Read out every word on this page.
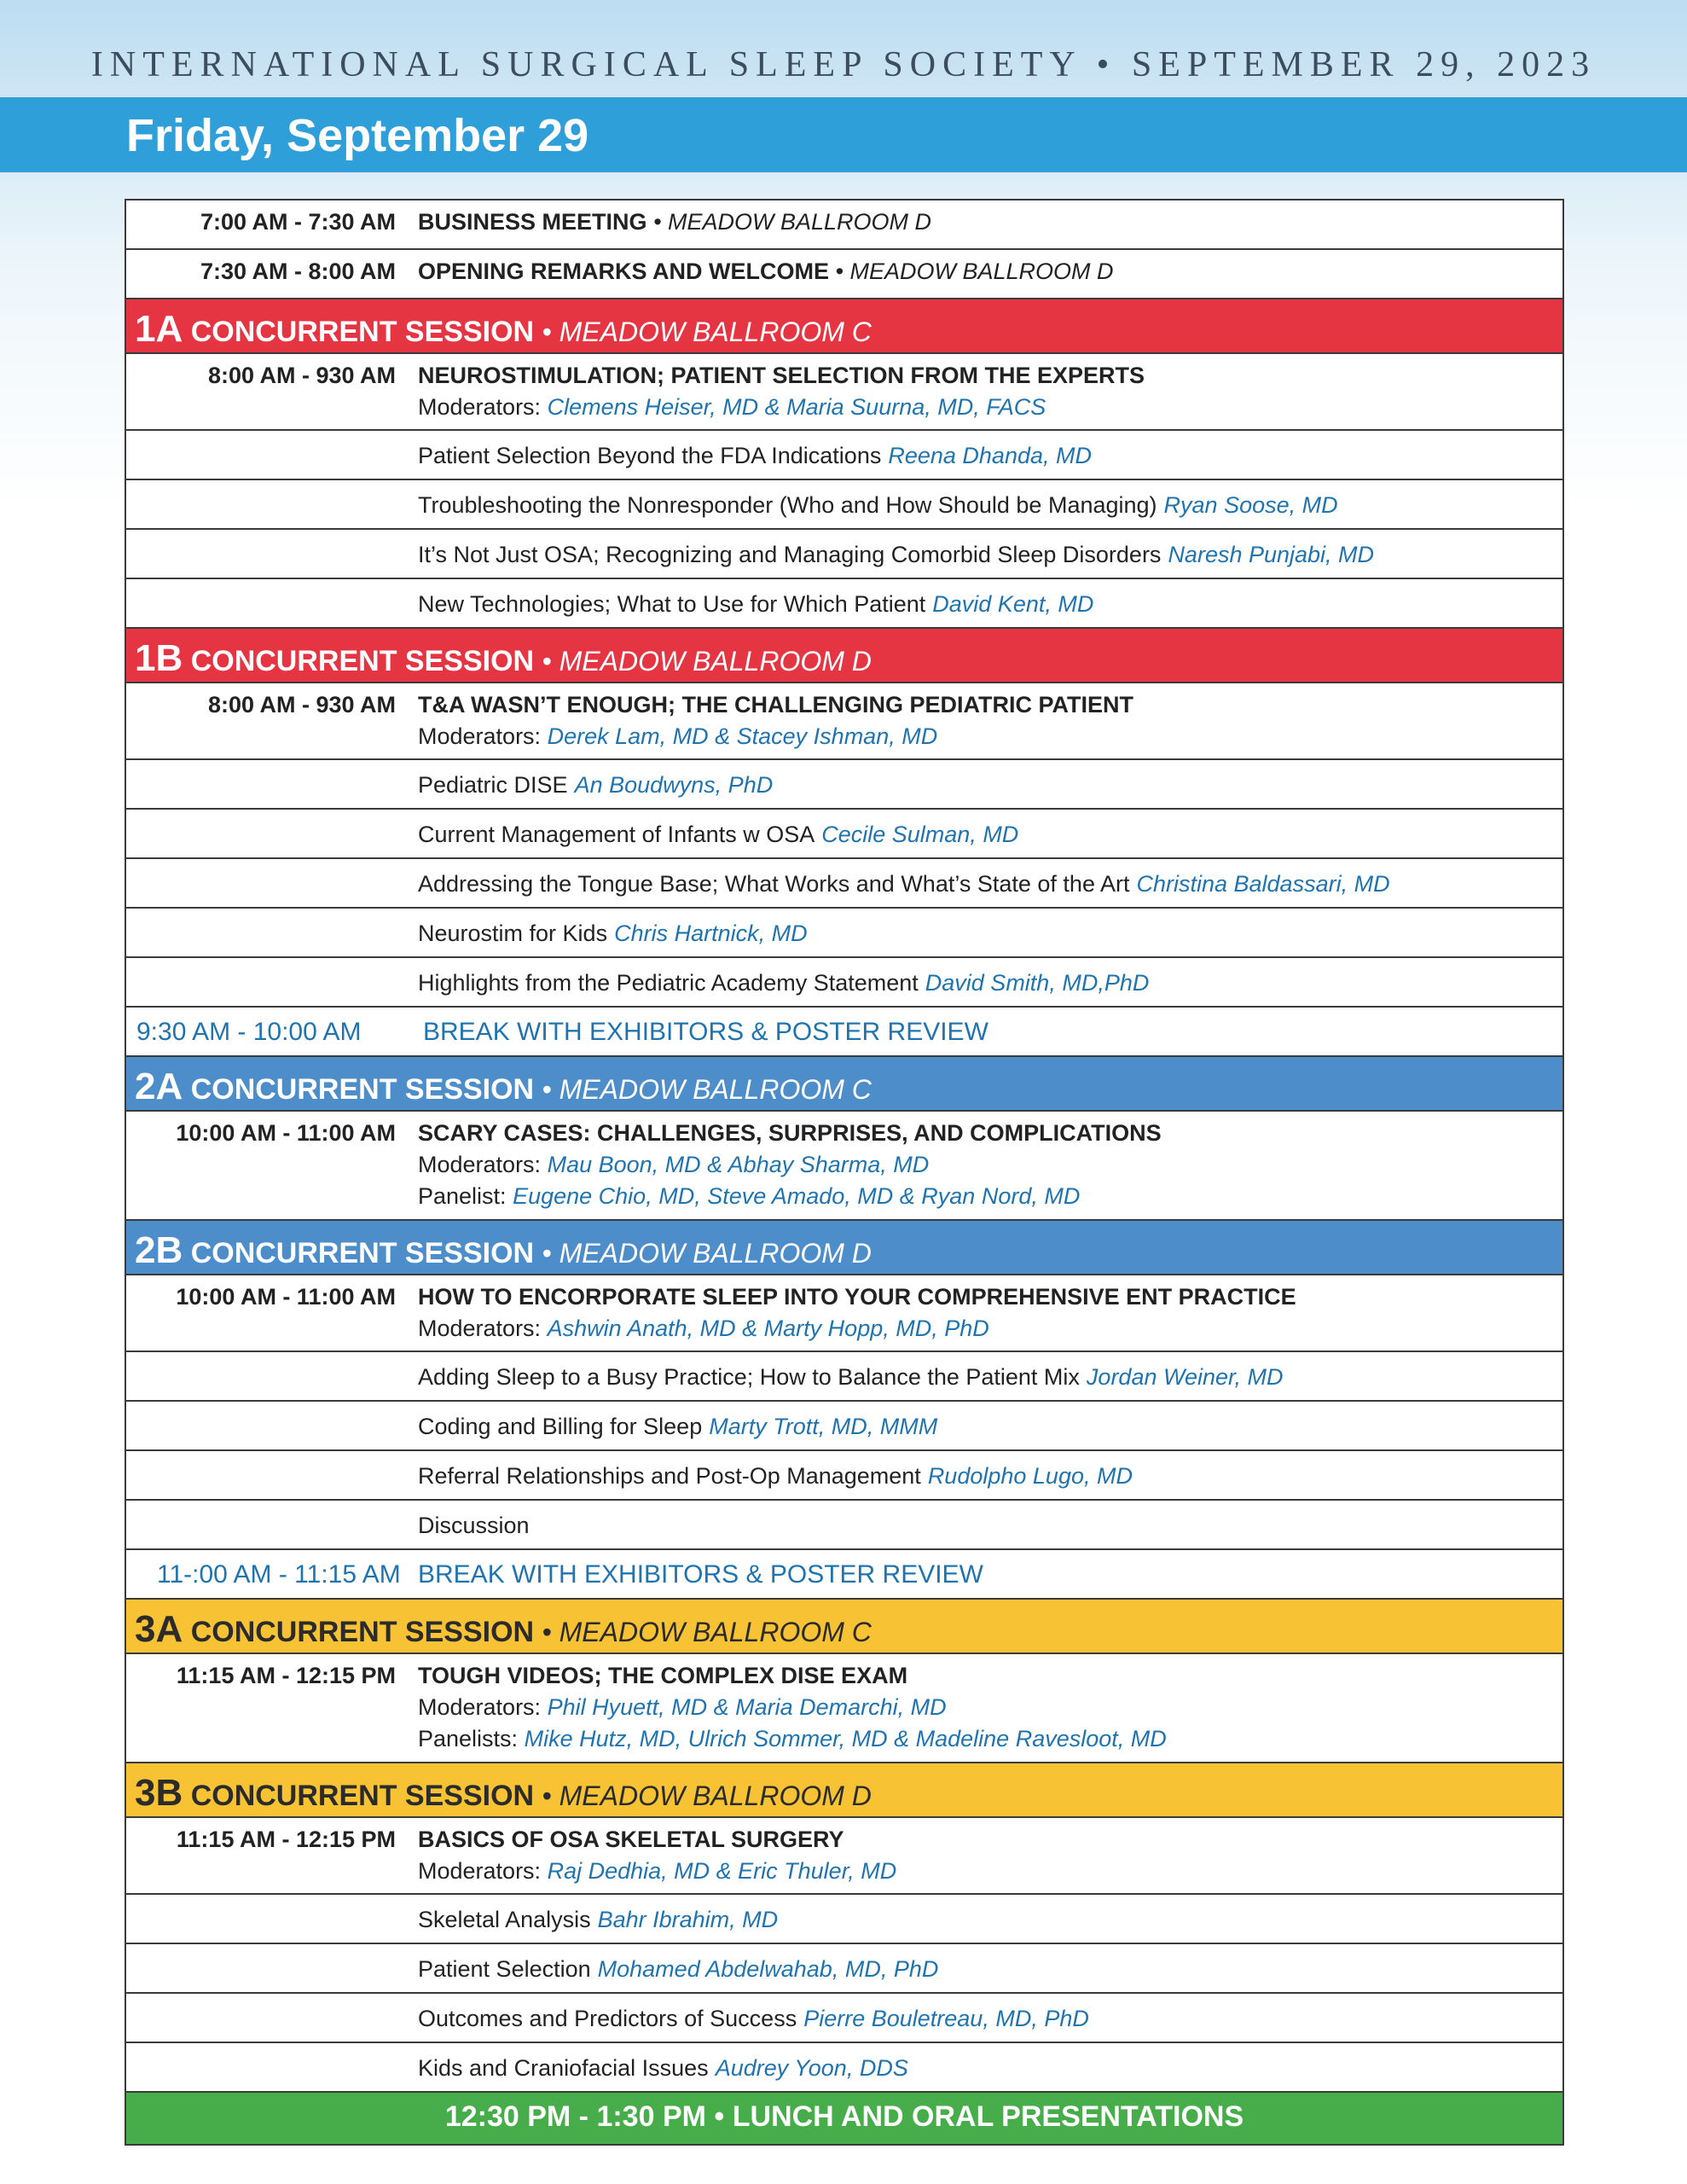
INTERNATIONAL SURGICAL SLEEP SOCIETY • SEPTEMBER 29, 2023
Friday, September 29
7:00 AM - 7:30 AM BUSINESS MEETING • MEADOW BALLROOM D
7:30 AM - 8:00 AM OPENING REMARKS AND WELCOME • MEADOW BALLROOM D
1A CONCURRENT SESSION • MEADOW BALLROOM C
8:00 AM - 930 AM NEUROSTIMULATION; PATIENT SELECTION FROM THE EXPERTS
Moderators: Clemens Heiser, MD & Maria Suurna, MD, FACS
Patient Selection Beyond the FDA Indications Reena Dhanda, MD
Troubleshooting the Nonresponder (Who and How Should be Managing) Ryan Soose, MD
It’s Not Just OSA; Recognizing and Managing Comorbid Sleep Disorders Naresh Punjabi, MD
New Technologies; What to Use for Which Patient David Kent, MD
1B CONCURRENT SESSION • MEADOW BALLROOM D
8:00 AM - 930 AM T&A WASN’T ENOUGH; THE CHALLENGING PEDIATRIC PATIENT
Moderators: Derek Lam, MD & Stacey Ishman, MD
Pediatric DISE An Boudwyns, PhD
Current Management of Infants w OSA Cecile Sulman, MD
Addressing the Tongue Base; What Works and What’s State of the Art Christina Baldassari, MD
Neurostim for Kids Chris Hartnick, MD
Highlights from the Pediatric Academy Statement David Smith, MD,PhD
9:30 AM - 10:00 AM BREAK WITH EXHIBITORS & POSTER REVIEW
2A CONCURRENT SESSION • MEADOW BALLROOM C
10:00 AM - 11:00 AM SCARY CASES: CHALLENGES, SURPRISES, AND COMPLICATIONS
Moderators: Mau Boon, MD & Abhay Sharma, MD
Panelist: Eugene Chio, MD, Steve Amado, MD & Ryan Nord, MD
2B CONCURRENT SESSION • MEADOW BALLROOM D
10:00 AM - 11:00 AM HOW TO ENCORPORATE SLEEP INTO YOUR COMPREHENSIVE ENT PRACTICE
Moderators: Ashwin Anath, MD & Marty Hopp, MD, PhD
Adding Sleep to a Busy Practice; How to Balance the Patient Mix Jordan Weiner, MD
Coding and Billing for Sleep Marty Trott, MD, MMM
Referral Relationships and Post-Op Management Rudolpho Lugo, MD
Discussion
11-:00 AM - 11:15 AM BREAK WITH EXHIBITORS & POSTER REVIEW
3A CONCURRENT SESSION • MEADOW BALLROOM C
11:15 AM - 12:15 PM TOUGH VIDEOS; THE COMPLEX DISE EXAM
Moderators: Phil Hyuett, MD & Maria Demarchi, MD
Panelists: Mike Hutz, MD, Ulrich Sommer, MD & Madeline Ravesloot, MD
3B CONCURRENT SESSION • MEADOW BALLROOM D
11:15 AM - 12:15 PM BASICS OF OSA SKELETAL SURGERY
Moderators: Raj Dedhia, MD & Eric Thuler, MD
Skeletal Analysis Bahr Ibrahim, MD
Patient Selection Mohamed Abdelwahab, MD, PhD
Outcomes and Predictors of Success Pierre Bouletreau, MD, PhD
Kids and Craniofacial Issues Audrey Yoon, DDS
12:30 PM - 1:30 PM • LUNCH AND ORAL PRESENTATIONS
